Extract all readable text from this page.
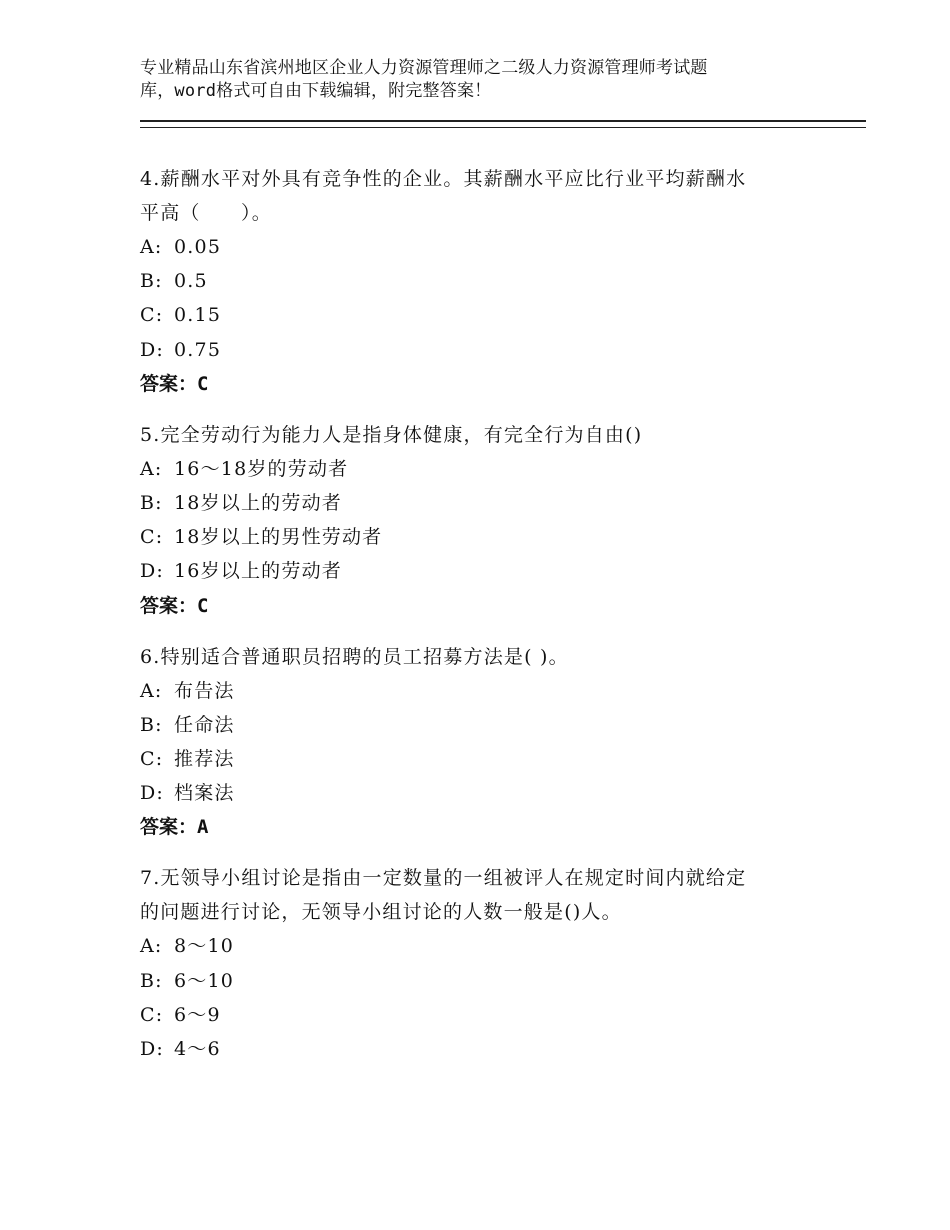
专业精品山东省滨州地区企业人力资源管理师之二级人力资源管理师考试题
库，word格式可自由下载编辑，附完整答案！

4.薪酬水平对外具有竞争性的企业。其薪酬水平应比行业平均薪酬水

平高（　　）。

A: 0.05

B: 0.5

C: 0.15

D: 0.75

答案：C

5.完全劳动行为能力人是指身体健康，有完全行为自由()

A: 16～18岁的劳动者

B: 18岁以上的劳动者

C: 18岁以上的男性劳动者

D: 16岁以上的劳动者

答案：C

6.特别适合普通职员招聘的员工招募方法是( )。

A: 布告法

B: 任命法

C: 推荐法

D: 档案法

答案：A

7.无领导小组讨论是指由一定数量的一组被评人在规定时间内就给定

的问题进行讨论，无领导小组讨论的人数一般是()人。

A: 8～10

B: 6～10

C: 6～9

D: 4～6
